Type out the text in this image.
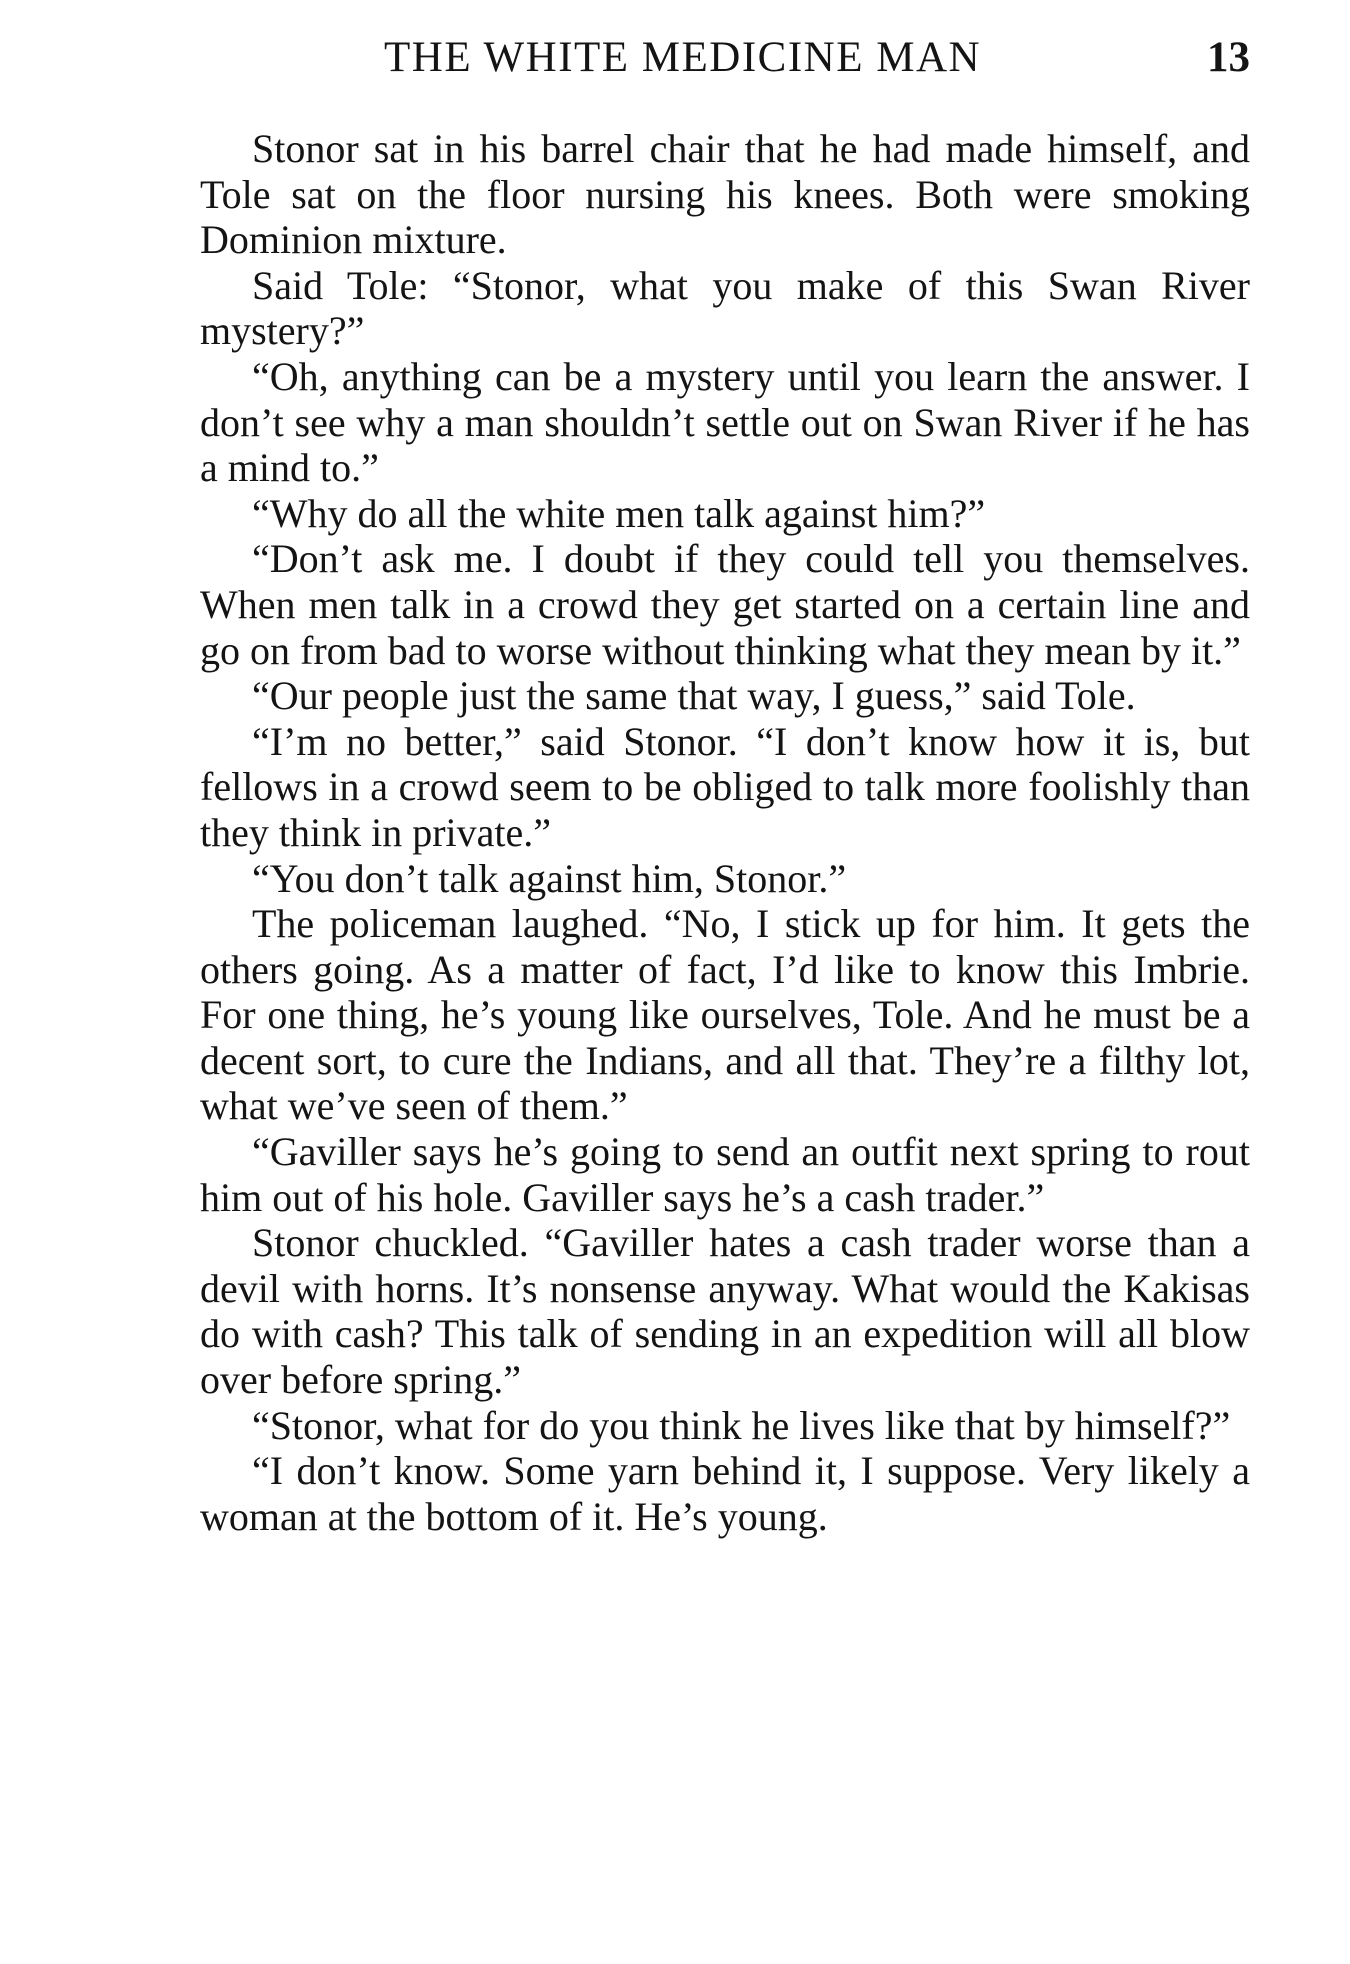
THE WHITE MEDICINE MAN	13

Stonor sat in his barrel chair that he had made himself, and Tole sat on the floor nursing his knees. Both were smoking Dominion mixture.

Said Tole: “Stonor, what you make of this Swan River mystery?”

“Oh, anything can be a mystery until you learn the answer. I don’t see why a man shouldn’t settle out on Swan River if he has a mind to.”

“Why do all the white men talk against him?”

“Don’t ask me. I doubt if they could tell you themselves. When men talk in a crowd they get started on a certain line and go on from bad to worse without thinking what they mean by it.”

“Our people just the same that way, I guess,” said Tole.

“I’m no better,” said Stonor. “I don’t know how it is, but fellows in a crowd seem to be obliged to talk more foolishly than they think in private.”

“You don’t talk against him, Stonor.”

The policeman laughed. “No, I stick up for him. It gets the others going. As a matter of fact, I’d like to know this Imbrie. For one thing, he’s young like ourselves, Tole. And he must be a decent sort, to cure the Indians, and all that. They’re a filthy lot, what we’ve seen of them.”

“Gaviller says he’s going to send an outfit next spring to rout him out of his hole. Gaviller says he’s a cash trader.”

Stonor chuckled. “Gaviller hates a cash trader worse than a devil with horns. It’s nonsense anyway. What would the Kakisas do with cash? This talk of sending in an expedition will all blow over before spring.”

“Stonor, what for do you think he lives like that by himself?”

“I don’t know. Some yarn behind it, I suppose. Very likely a woman at the bottom of it. He’s young.
